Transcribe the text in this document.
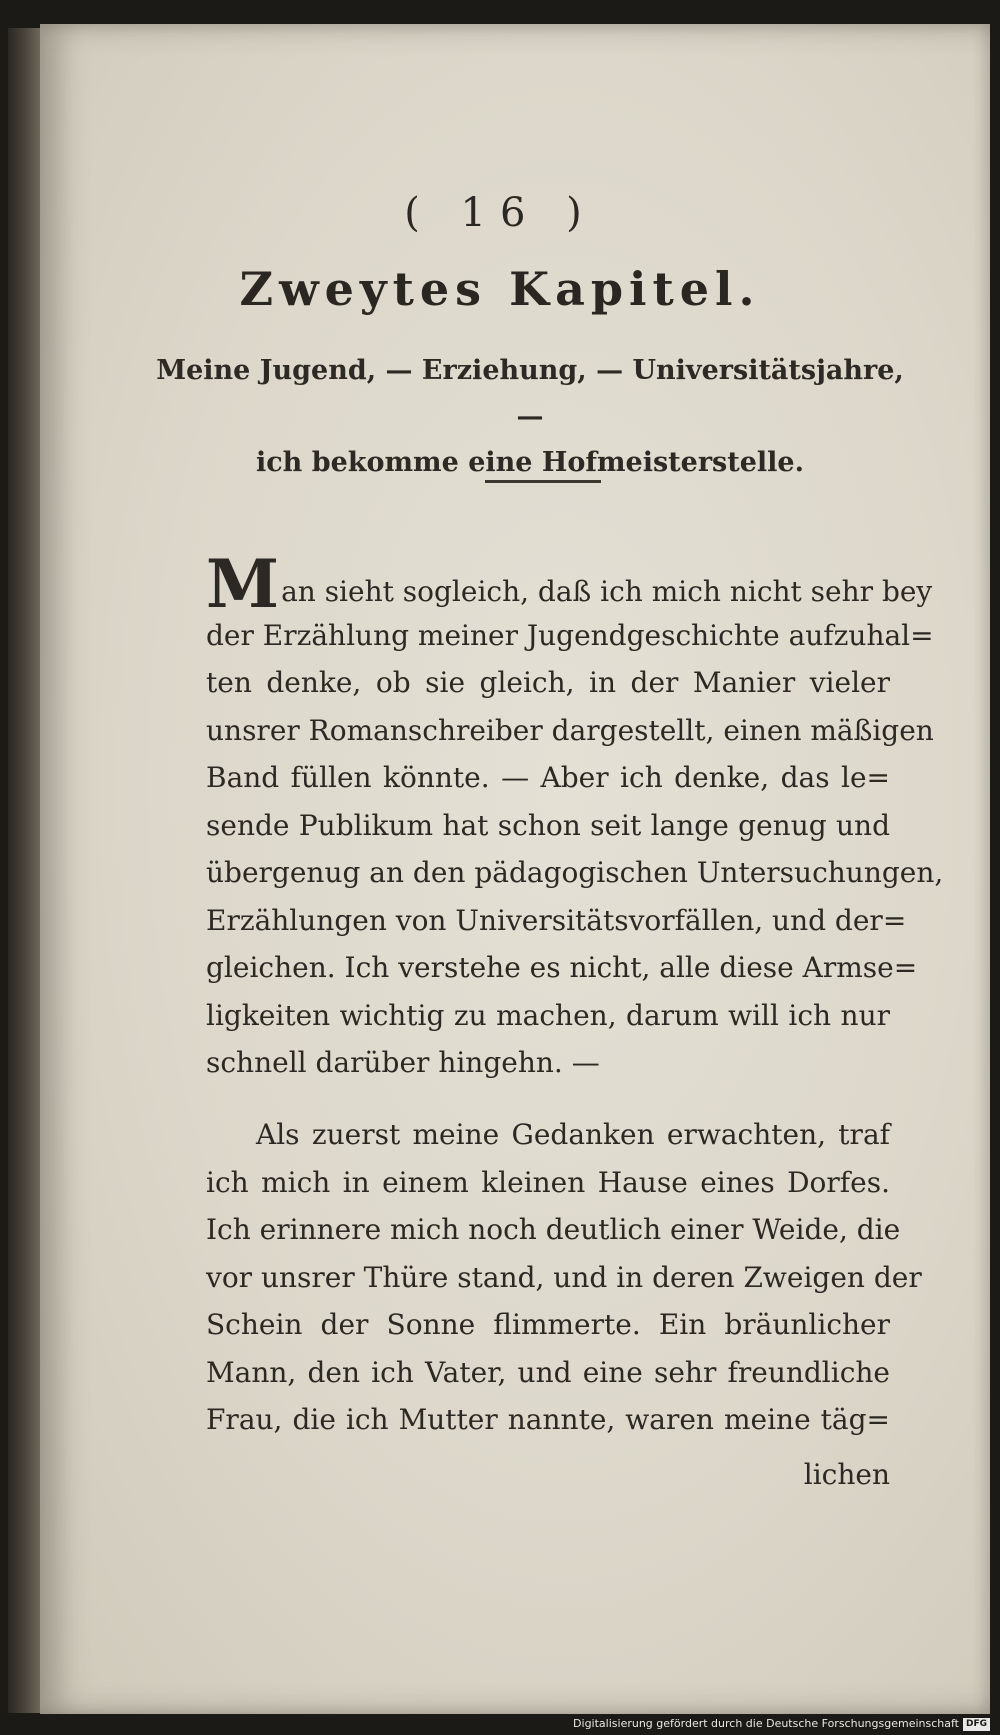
( 16 )
Zweytes Kapitel.
Meine Jugend, — Erziehung, — Universitätsjahre, —
ich bekomme eine Hofmeisterstelle.
Man sieht sogleich, daß ich mich nicht sehr bey
der Erzählung meiner Jugendgeschichte aufzuhal=
ten denke, ob sie gleich, in der Manier vieler
unsrer Romanschreiber dargestellt, einen mäßigen
Band füllen könnte. — Aber ich denke, das le=
sende Publikum hat schon seit lange genug und
übergenug an den pädagogischen Untersuchungen,
Erzählungen von Universitätsvorfällen, und der=
gleichen. Ich verstehe es nicht, alle diese Armse=
ligkeiten wichtig zu machen, darum will ich nur
schnell darüber hingehn. —
Als zuerst meine Gedanken erwachten, traf
ich mich in einem kleinen Hause eines Dorfes.
Ich erinnere mich noch deutlich einer Weide, die
vor unsrer Thüre stand, und in deren Zweigen der
Schein der Sonne flimmerte. Ein bräunlicher
Mann, den ich Vater, und eine sehr freundliche
Frau, die ich Mutter nannte, waren meine täg=
lichen
Digitalisierung gefördert durch die Deutsche Forschungsgemeinschaft DFG
